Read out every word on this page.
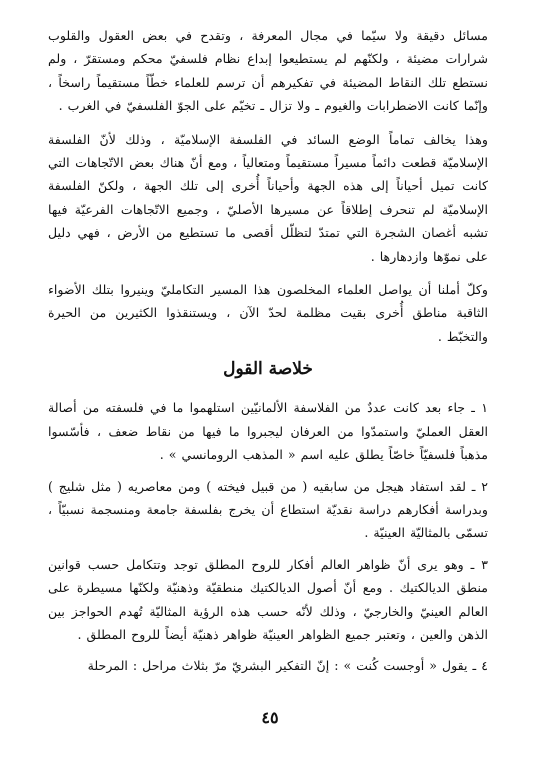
مسائل دقيقة ولا سيّما في مجال المعرفة ، وتقدح في بعض العقول والقلوب شرارات مضيئة ، ولكنّهم لم يستطيعوا إبداع نظام فلسفيّ محكم ومستقرّ ، ولم نستطع تلك النقاط المضيئة في تفكيرهم أن ترسم للعلماء خطّاً مستقيماً راسخاً ، وإنّما كانت الاضطرابات والغيوم ـ ولا تزال ـ تخيّم على الجوّ الفلسفيّ في الغرب .

وهذا يخالف تماماً الوضع السائد في الفلسفة الإسلاميّة ، وذلك لأنّ الفلسفة الإسلاميّة قطعت دائماً مسيراً مستقيماً ومتعالياً ، ومع أنّ هناك بعض الاتّجاهات التي كانت تميل أحياناً إلى هذه الجهة وأحياناً أُخرى إلى تلك الجهة ، ولكنّ الفلسفة الإسلاميّة لم تنحرف إطلاقاً عن مسيرها الأصليّ ، وجميع الاتّجاهات الفرعيّة فيها تشبه أغصان الشجرة التي تمتدّ لتظلّل أقصى ما تستطيع من الأرض ، فهي دليل على نموّها وازدهارها .

وكلّ أملنا أن يواصل العلماء المخلصون هذا المسير التكامليّ وينيروا بتلك الأضواء الثاقبة مناطق أُخرى بقيت مظلمة لحدّ الآن ، ويستنقذوا الكثيرين من الحيرة والتخبّط .

خلاصة القول

١ ـ جاء بعد كانت عددٌ من الفلاسفة الألمانيّين استلهموا ما في فلسفته من أصالة العقل العمليّ واستمدّوا من العرفان ليجبروا ما فيها من نقاط ضعف ، فأسّسوا مذهباً فلسفيّاً خاصّاً يطلق عليه اسم « المذهب الرومانسي » .

٢ ـ لقد استفاد هيجل من سابقيه ( من قبيل فيخته ) ومن معاصريه ( مثل شليج ) وبدراسة أفكارهم دراسة نقديّة استطاع أن يخرج بفلسفة جامعة ومنسجمة نسبيّاً ، تسمّى بالمثاليّة العينيّة .

٣ ـ وهو يرى أنّ ظواهر العالم أفكار للروح المطلق توجد وتتكامل حسب قوانين منطق الديالكتيك . ومع أنّ أصول الديالكتيك منطقيّة وذهنيّة ولكنّها مسيطرة على العالم العينيّ والخارجيّ ، وذلك لأنّه حسب هذه الرؤية المثاليّة تُهدم الحواجز بين الذهن والعين ، وتعتبر جميع الظواهر العينيّة ظواهر ذهنيّة أيضاً للروح المطلق .

٤ ـ يقول « أوجست كُنت » : إنّ التفكير البشريّ مرّ بثلاث مراحل : المرحلة

٤٥
